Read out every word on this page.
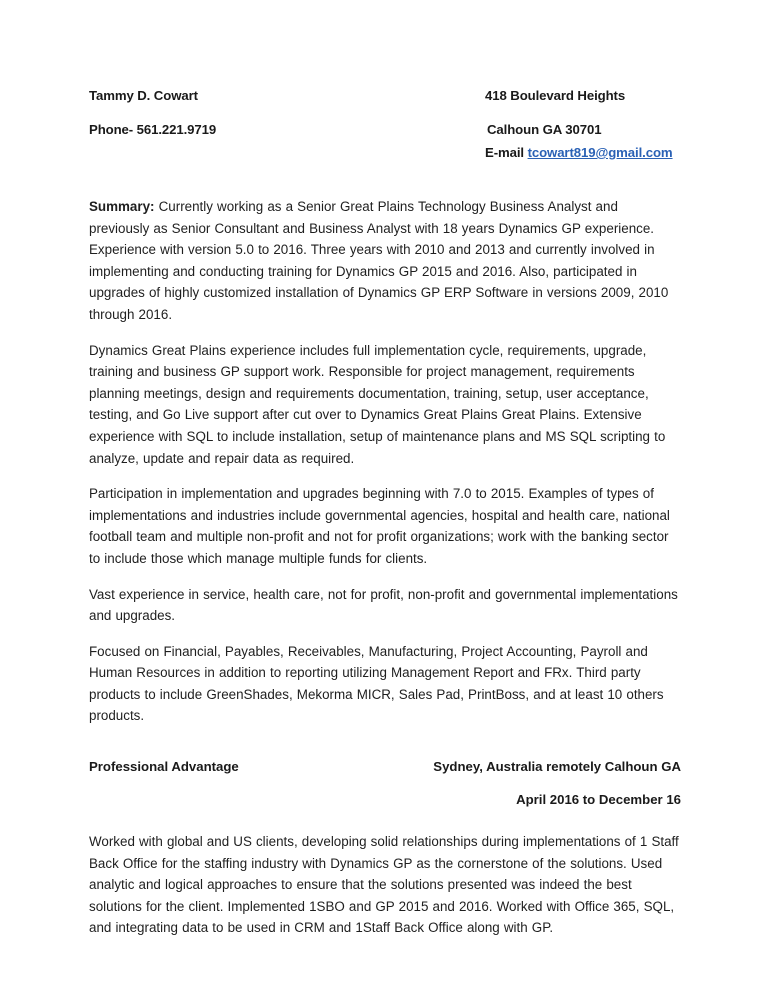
Tammy D. Cowart	418 Boulevard Heights
Phone- 561.221.9719	Calhoun GA 30701
E-mail tcowart819@gmail.com

Summary: Currently working as a Senior Great Plains Technology Business Analyst and previously as Senior Consultant and Business Analyst with 18 years Dynamics GP experience. Experience with version 5.0 to 2016. Three years with 2010 and 2013 and currently involved in implementing and conducting training for Dynamics GP 2015 and 2016. Also, participated in upgrades of highly customized installation of Dynamics GP ERP Software in versions 2009, 2010 through 2016.

Dynamics Great Plains experience includes full implementation cycle, requirements, upgrade, training and business GP support work. Responsible for project management, requirements planning meetings, design and requirements documentation, training, setup, user acceptance, testing, and Go Live support after cut over to Dynamics Great Plains Great Plains. Extensive experience with SQL to include installation, setup of maintenance plans and MS SQL scripting to analyze, update and repair data as required.

Participation in implementation and upgrades beginning with 7.0 to 2015. Examples of types of implementations and industries include governmental agencies, hospital and health care, national football team and multiple non-profit and not for profit organizations; work with the banking sector to include those which manage multiple funds for clients.

Vast experience in service, health care, not for profit, non-profit and governmental implementations and upgrades.

Focused on Financial, Payables, Receivables, Manufacturing, Project Accounting, Payroll and Human Resources in addition to reporting utilizing Management Report and FRx. Third party products to include GreenShades, Mekorma MICR, Sales Pad, PrintBoss, and at least 10 others products.

Professional Advantage	Sydney, Australia remotely Calhoun GA
April 2016 to December 16

Worked with global and US clients, developing solid relationships during implementations of 1 Staff Back Office for the staffing industry with Dynamics GP as the cornerstone of the solutions. Used analytic and logical approaches to ensure that the solutions presented was indeed the best solutions for the client. Implemented 1SBO and GP 2015 and 2016. Worked with Office 365, SQL, and integrating data to be used in CRM and 1Staff Back Office along with GP.
